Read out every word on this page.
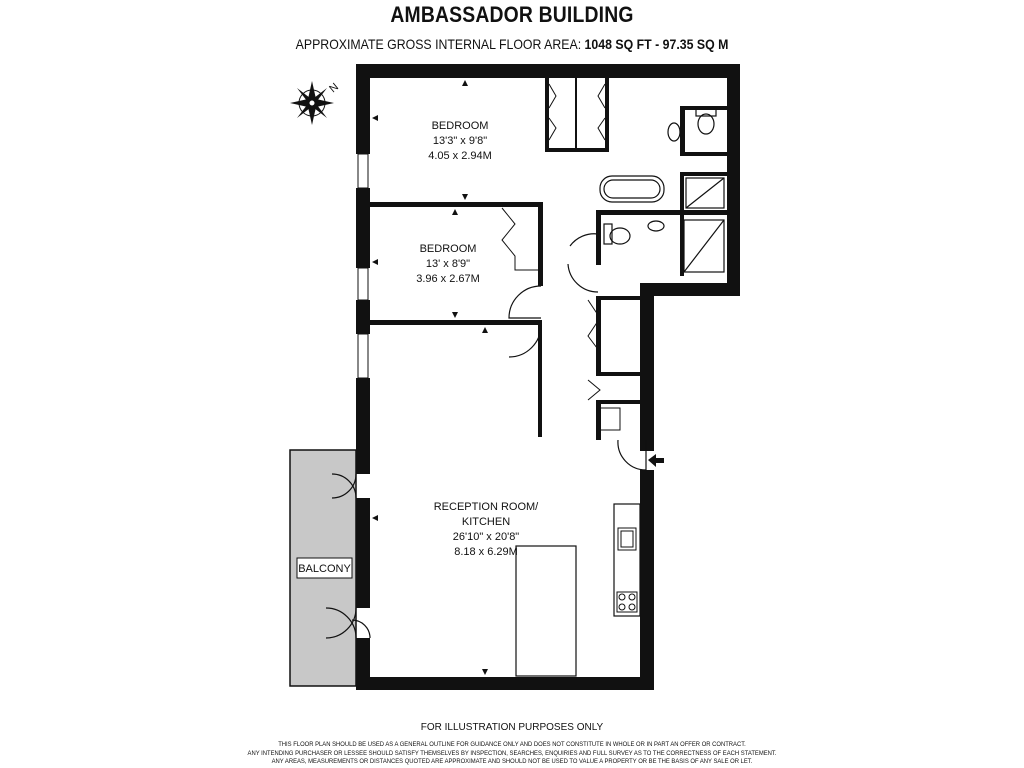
AMBASSADOR BUILDING
APPROXIMATE GROSS INTERNAL FLOOR AREA: 1048 SQ FT - 97.35 SQ M
N
BALCONY
BEDROOM
13'3" x 9'8"
4.05 x 2.94M
BEDROOM
13' x 8'9"
3.96 x 2.67M
RECEPTION ROOM/
KITCHEN
26'10" x 20'8"
8.18 x 6.29M
FOR ILLUSTRATION PURPOSES ONLY
THIS FLOOR PLAN SHOULD BE USED AS A GENERAL OUTLINE FOR GUIDANCE ONLY AND DOES NOT CONSTITUTE IN WHOLE OR IN PART AN OFFER OR CONTRACT.
ANY INTENDING PURCHASER OR LESSEE SHOULD SATISFY THEMSELVES BY INSPECTION, SEARCHES, ENQUIRIES AND FULL SURVEY AS TO THE CORRECTNESS OF EACH STATEMENT.
ANY AREAS, MEASUREMENTS OR DISTANCES QUOTED ARE APPROXIMATE AND SHOULD NOT BE USED TO VALUE A PROPERTY OR BE THE BASIS OF ANY SALE OR LET.
